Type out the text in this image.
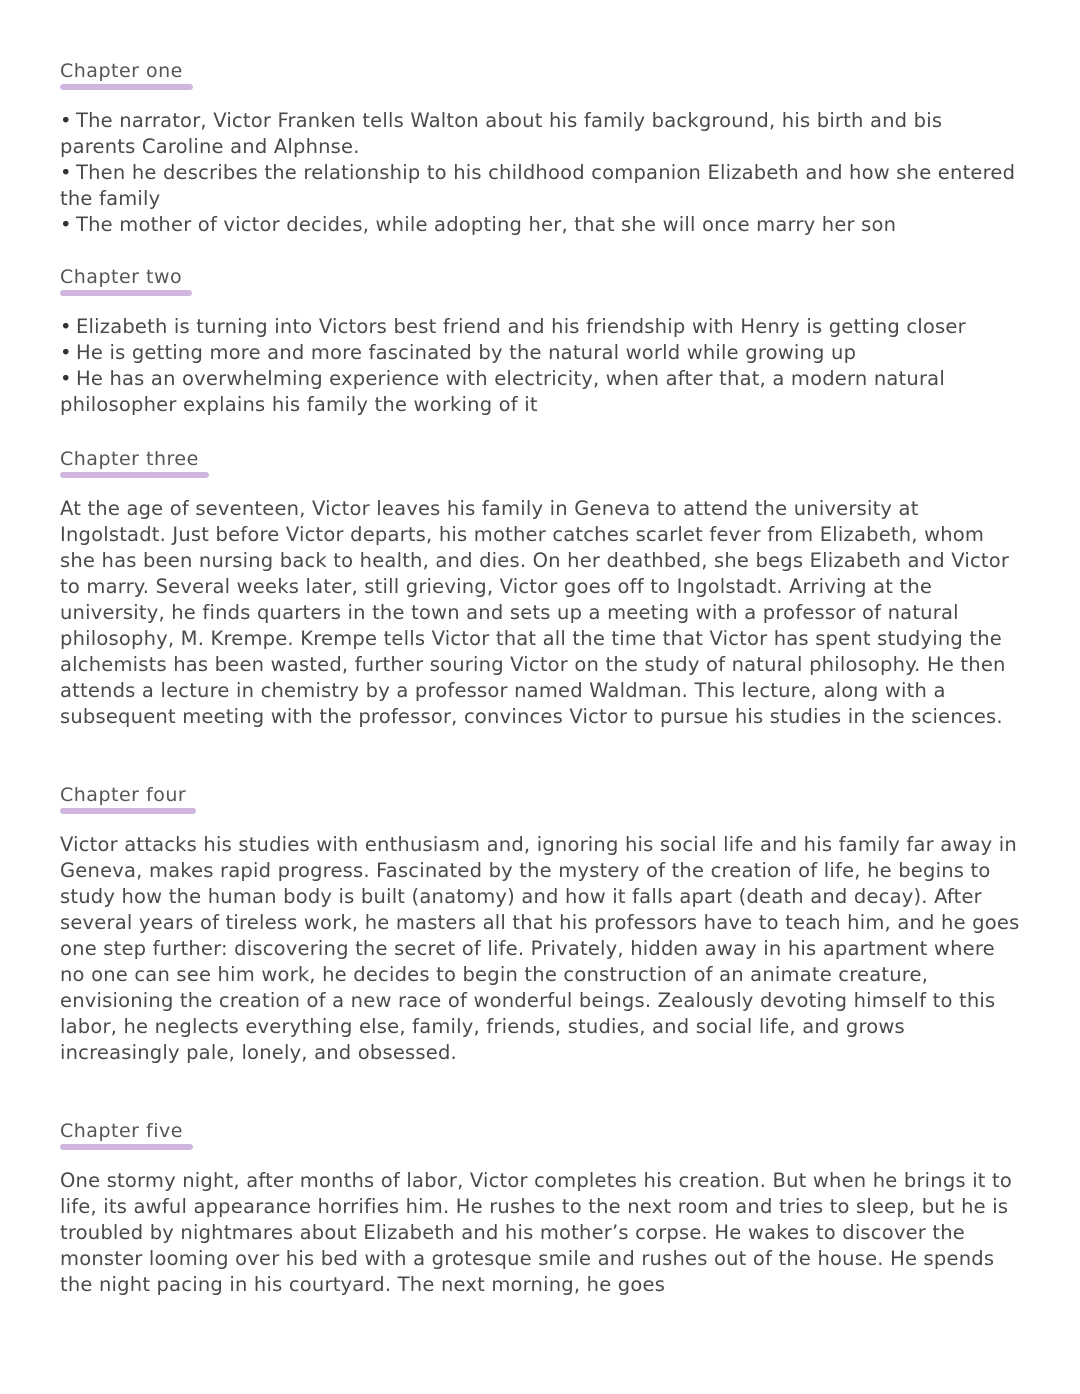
Chapter one
• The narrator, Victor Franken tells Walton about his family background, his birth and bis parents Caroline and Alphnse.
• Then he describes the relationship to his childhood companion Elizabeth and how she entered the family
• The mother of victor decides, while adopting her, that she will once marry her son
Chapter two
• Elizabeth is turning into Victors best friend and his friendship with Henry is getting closer
• He is getting more and more fascinated by the natural world while growing up
• He has an overwhelming experience with electricity, when after that, a modern natural philosopher explains his family the working of it
Chapter three

At the age of seventeen, Victor leaves his family in Geneva to attend the university at Ingolstadt. Just before Victor departs, his mother catches scarlet fever from Elizabeth, whom she has been nursing back to health, and dies. On her deathbed, she begs Elizabeth and Victor to marry. Several weeks later, still grieving, Victor goes off to Ingolstadt. Arriving at the university, he finds quarters in the town and sets up a meeting with a professor of natural philosophy, M. Krempe. Krempe tells Victor that all the time that Victor has spent studying the alchemists has been wasted, further souring Victor on the study of natural philosophy. He then attends a lecture in chemistry by a professor named Waldman. This lecture, along with a subsequent meeting with the professor, convinces Victor to pursue his studies in the sciences.

Chapter four

Victor attacks his studies with enthusiasm and, ignoring his social life and his family far away in Geneva, makes rapid progress. Fascinated by the mystery of the creation of life, he begins to study how the human body is built (anatomy) and how it falls apart (death and decay). After several years of tireless work, he masters all that his professors have to teach him, and he goes one step further: discovering the secret of life. Privately, hidden away in his apartment where no one can see him work, he decides to begin the construction of an animate creature, envisioning the creation of a new race of wonderful beings. Zealously devoting himself to this labor, he neglects everything else, family, friends, studies, and social life, and grows increasingly pale, lonely, and obsessed.

Chapter five

One stormy night, after months of labor, Victor completes his creation. But when he brings it to life, its awful appearance horrifies him. He rushes to the next room and tries to sleep, but he is troubled by nightmares about Elizabeth and his mother’s corpse. He wakes to discover the monster looming over his bed with a grotesque smile and rushes out of the house. He spends the night pacing in his courtyard. The next morning, he goes
